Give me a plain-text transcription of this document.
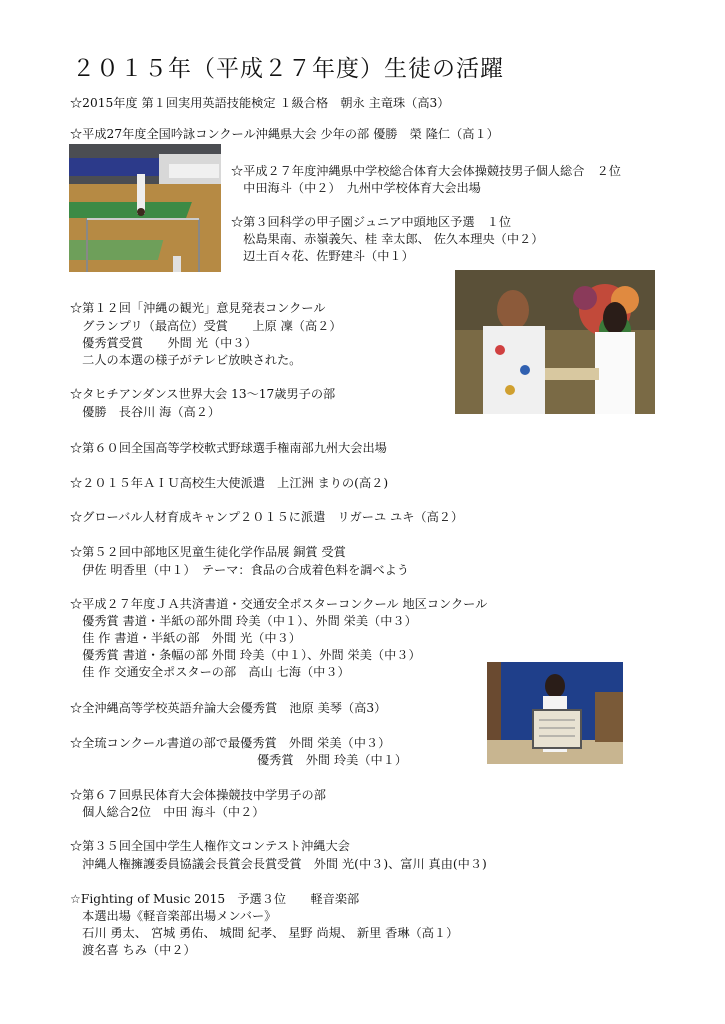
２０１５年（平成２７年度）生徒の活躍
☆2015年度 第１回実用英語技能検定 １級合格　朝永 主竜珠（高3）
☆平成27年度全国吟詠コンクール沖縄県大会 少年の部 優勝　榮 隆仁（高１）
☆平成２７年度沖縄県中学校総合体育大会体操競技男子個人総合　２位
　中田海斗（中２）　九州中学校体育大会出場
☆第３回科学の甲子園ジュニア中頭地区予選　１位
　松島果南、赤嶺義矢、桂 幸太郎、 佐久本理央（中２）
　辺土百々花、佐野建斗（中１）
☆第１２回「沖縄の観光」意見発表コンクール
　グランプリ（最高位）受賞　　上原 凜（高２）
　優秀賞受賞　　外間 光（中３）
　二人の本選の様子がテレビ放映された。
☆タヒチアンダンス世界大会 13～17歳男子の部
　優勝　長谷川 海（高２）
☆第６０回全国高等学校軟式野球選手権南部九州大会出場
☆２０１５年ＡＩＵ高校生大使派遣　上江洲 まりの(高２)
☆グローバル人材育成キャンプ２０１５に派遣　リガーユ ユキ（高２）
☆第５２回中部地区児童生徒化学作品展 銅賞 受賞
　伊佐 明香里（中１）　テーマ：食品の合成着色料を調べよう
☆平成２７年度ＪＡ共済書道・交通安全ポスターコンクール 地区コンクール
　優秀賞 書道・半紙の部外間 玲美（中１）、外間 栄美（中３）
　佳 作 書道・半紙の部　外間 光（中３）
　優秀賞 書道・条幅の部 外間 玲美（中１）、外間 栄美（中３）
　佳 作 交通安全ポスターの部　高山 七海（中３）
☆全沖縄高等学校英語弁論大会優秀賞　池原 美琴（高3）
☆全琉コンクール書道の部で最優秀賞　外間 栄美（中３）
優秀賞　外間 玲美（中１）
☆第６７回県民体育大会体操競技中学男子の部
　個人総合2位　中田 海斗（中２）
☆第３５回全国中学生人権作文コンテスト沖縄大会
　沖縄人権擁護委員協議会長賞会長賞受賞　外間 光(中３)、富川 真由(中３)
☆Fighting of Music 2015　予選３位　　軽音楽部
　本選出場《軽音楽部出場メンバー》
　石川 勇太、 宮城 勇佑、 城間 紀孝、 星野 尚規、 新里 香琳（高１）
　渡名喜 ちみ（中２）
